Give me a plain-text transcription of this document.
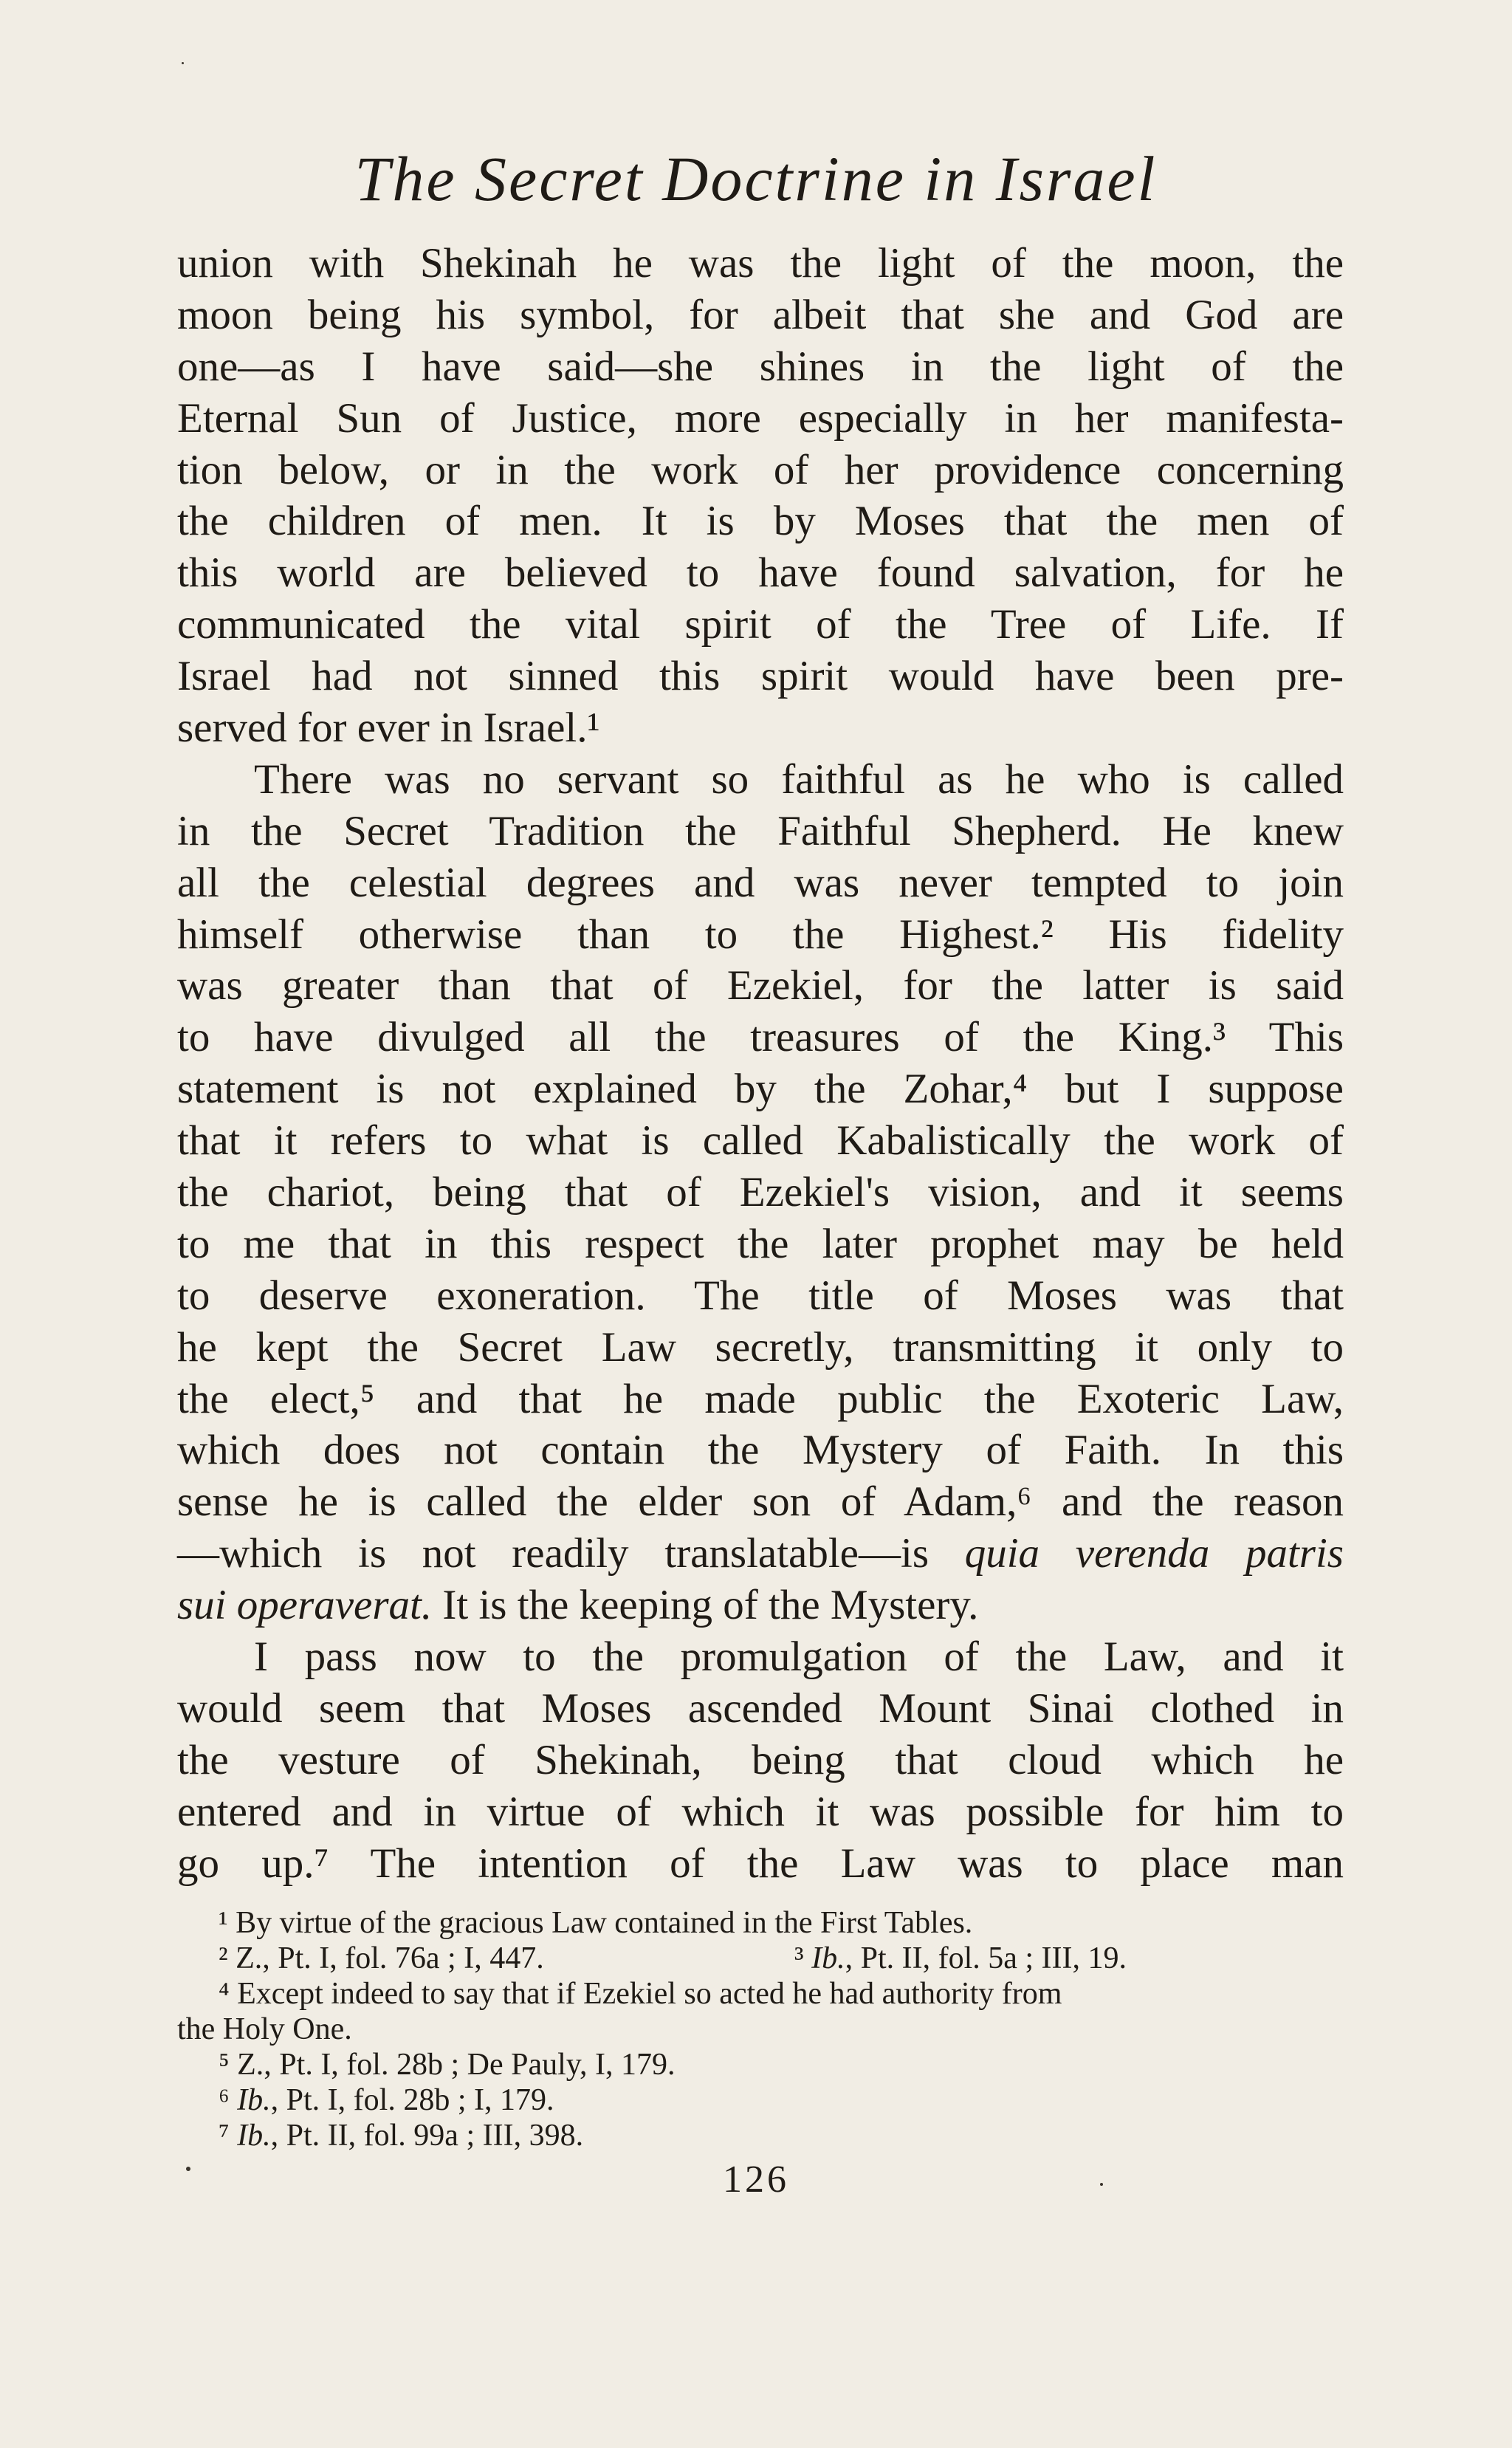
The Secret Doctrine in Israel
union with Shekinah he was the light of the moon, the
moon being his symbol, for albeit that she and God are
one—as I have said—she shines in the light of the
Eternal Sun of Justice, more especially in her manifesta-
tion below, or in the work of her providence concerning
the children of men. It is by Moses that the men of
this world are believed to have found salvation, for he
communicated the vital spirit of the Tree of Life. If
Israel had not sinned this spirit would have been pre-
served for ever in Israel.¹
There was no servant so faithful as he who is called
in the Secret Tradition the Faithful Shepherd. He knew
all the celestial degrees and was never tempted to join
himself otherwise than to the Highest.² His fidelity
was greater than that of Ezekiel, for the latter is said
to have divulged all the treasures of the King.³ This
statement is not explained by the Zohar,⁴ but I suppose
that it refers to what is called Kabalistically the work of
the chariot, being that of Ezekiel's vision, and it seems
to me that in this respect the later prophet may be held
to deserve exoneration. The title of Moses was that
he kept the Secret Law secretly, transmitting it only to
the elect,⁵ and that he made public the Exoteric Law,
which does not contain the Mystery of Faith. In this
sense he is called the elder son of Adam,⁶ and the reason
—which is not readily translatable—is quia verenda patris
sui operaverat. It is the keeping of the Mystery.
I pass now to the promulgation of the Law, and it
would seem that Moses ascended Mount Sinai clothed in
the vesture of Shekinah, being that cloud which he
entered and in virtue of which it was possible for him to
go up.⁷ The intention of the Law was to place man
¹ By virtue of the gracious Law contained in the First Tables.
² Z., Pt. I, fol. 76a ; I, 447.	³ Ib., Pt. II, fol. 5a ; III, 19.
⁴ Except indeed to say that if Ezekiel so acted he had authority from
the Holy One.
⁵ Z., Pt. I, fol. 28b ; De Pauly, I, 179.
⁶ Ib., Pt. I, fol. 28b ; I, 179.
⁷ Ib., Pt. II, fol. 99a ; III, 398.
126
